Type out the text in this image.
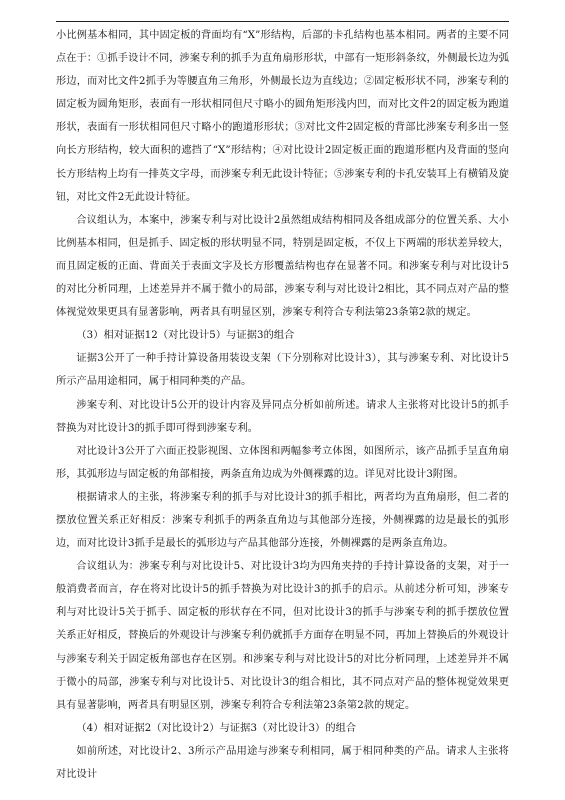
小比例基本相同，其中固定板的背面均有“X”形结构，后部的卡孔结构也基本相同。两者的主要不同点在于：①抓手设计不同，涉案专利的抓手为直角扇形形状，中部有一矩形斜条纹，外侧最长边为弧形边，而对比文件2抓手为等腰直角三角形，外侧最长边为直线边；②固定板形状不同，涉案专利的固定板为圆角矩形，表面有一形状相同但尺寸略小的圆角矩形浅内凹，而对比文件2的固定板为跑道形状，表面有一形状相同但尺寸略小的跑道形形状；③对比文件2固定板的背部比涉案专利多出一竖向长方形结构，较大面积的遮挡了“X”形结构；④对比设计2固定板正面的跑道形框内及背面的竖向长方形结构上均有一排英文字母，而涉案专利无此设计特征；⑤涉案专利的卡孔安装耳上有横销及旋钮，对比文件2无此设计特征。

合议组认为，本案中，涉案专利与对比设计2虽然组成结构相同及各组成部分的位置关系、大小比例基本相同，但是抓手、固定板的形状明显不同，特别是固定板，不仅上下两端的形状差异较大，而且固定板的正面、背面关于表面文字及长方形覆盖结构也存在显著不同。和涉案专利与对比设计5的对比分析同理，上述差异并不属于微小的局部，涉案专利与对比设计2相比，其不同点对产品的整体视觉效果更具有显著影响，两者具有明显区别，涉案专利符合专利法第23条第2款的规定。

（3）相对证据12（对比设计5）与证据3的组合

证据3公开了一种手持计算设备用装设支架（下分别称对比设计3），其与涉案专利、对比设计5所示产品用途相同，属于相同种类的产品。

涉案专利、对比设计5公开的设计内容及异同点分析如前所述。请求人主张将对比设计5的抓手替换为对比设计3的抓手即可得到涉案专利。

对比设计3公开了六面正投影视图、立体图和两幅参考立体图，如图所示，该产品抓手呈直角扇形，其弧形边与固定板的角部相接，两条直角边成为外侧裸露的边。详见对比设计3附图。

根据请求人的主张，将涉案专利的抓手与对比设计3的抓手相比，两者均为直角扇形，但二者的摆放位置关系正好相反：涉案专利抓手的两条直角边与其他部分连接，外侧裸露的边是最长的弧形边，而对比设计3抓手是最长的弧形边与产品其他部分连接，外侧裸露的是两条直角边。

合议组认为：涉案专利与对比设计5、对比设计3均为四角夹持的手持计算设备的支架，对于一般消费者而言，存在将对比设计5的抓手替换为对比设计3的抓手的启示。从前述分析可知，涉案专利与对比设计5关于抓手、固定板的形状存在不同，但对比设计3的抓手与涉案专利的抓手摆放位置关系正好相反，替换后的外观设计与涉案专利仍就抓手方面存在明显不同，再加上替换后的外观设计与涉案专利关于固定板角部也存在区别。和涉案专利与对比设计5的对比分析同理，上述差异并不属于微小的局部，涉案专利与对比设计5、对比设计3的组合相比，其不同点对产品的整体视觉效果更具有显著影响，两者具有明显区别，涉案专利符合专利法第23条第2款的规定。

（4）相对证据2（对比设计2）与证据3（对比设计3）的组合

如前所述，对比设计2、3所示产品用途与涉案专利相同，属于相同种类的产品。请求人主张将对比设计
